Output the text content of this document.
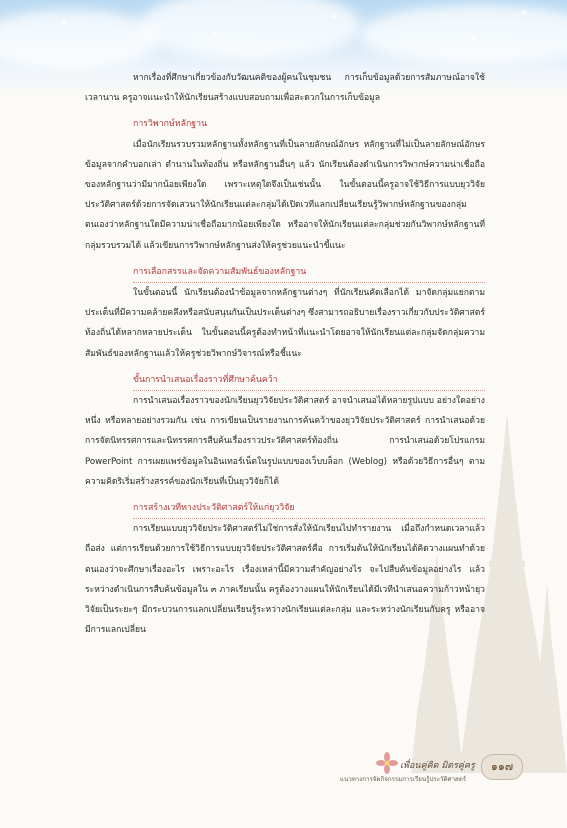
✦
✦
✦
✦
✦

หากเรื่องที่ศึกษาเกี่ยวข้องกับวัฒนคติของผู้คนในชุมชน การเก็บข้อมูลด้วยการสัมภาษณ์อาจใช้เวลานาน ครูอาจแนะนำให้นักเรียนสร้างแบบสอบถามเพื่อสะดวกในการเก็บข้อมูล

การวิพากษ์หลักฐาน

เมื่อนักเรียนรวบรวมหลักฐานทั้งหลักฐานที่เป็นลายลักษณ์อักษร หลักฐานที่ไม่เป็นลายลักษณ์อักษร ข้อมูลจากคำบอกเล่า ตำนานในท้องถิ่น หรือหลักฐานอื่นๆ แล้ว นักเรียนต้องดำเนินการวิพากษ์ความน่าเชื่อถือของหลักฐานว่ามีมากน้อยเพียงใด เพราะเหตุใดจึงเป็นเช่นนั้น ในขั้นตอนนี้ครูอาจใช้วิธีการแบบยุววิจัยประวัติศาสตร์ด้วยการจัดเสวนาให้นักเรียนแต่ละกลุ่มได้เปิดเวทีแลกเปลี่ยนเรียนรู้วิพากษ์หลักฐานของกลุ่มตนเองว่าหลักฐานใดมีความน่าเชื่อถือมากน้อยเพียงใด หรืออาจให้นักเรียนแต่ละกลุ่มช่วยกันวิพากษ์หลักฐานที่กลุ่มรวบรวมได้ แล้วเขียนการวิพากษ์หลักฐานส่งให้ครูช่วยแนะนำขี้แนะ

การเลือกสรรและจัดความสัมพันธ์ของหลักฐาน

ในขั้นตอนนี้ นักเรียนต้องนำข้อมูลจากหลักฐานต่างๆ ที่นักเรียนคัดเลือกได้ มาจัดกลุ่มแยกตามประเด็นที่มีความคล้ายคลึงหรือสนับสนุนกันเป็นประเด็นต่างๆ ซึ่งสามารถอธิบายเรื่องราวเกี่ยวกับประวัติศาสตร์ท้องถิ่นได้หลากหลายประเด็น ในขั้นตอนนี้ครูต้องทำหน้าที่แนะนำโดยอาจให้นักเรียนแต่ละกลุ่มจัดกลุ่มความสัมพันธ์ของหลักฐานแล้วให้ครูช่วยวิพากษ์วิจารณ์หรือชี้แนะ

ขั้นการนำเสนอเรื่องราวที่ศึกษาค้นคว้า

การนำเสนอเรื่องราวของนักเรียนยุววิจัยประวัติศาสตร์ อาจนำเสนอได้หลายรูปแบบ อย่างใดอย่างหนึ่ง หรือหลายอย่างรวมกัน เช่น การเขียนเป็นรายงานการค้นคว้าของยุววิจัยประวัติศาสตร์ การนำเสนอด้วยการจัดนิทรรศการและนิทรรศการสืบค้นเรื่องราวประวัติศาสตร์ท้องถิ่น การนำเสนอด้วยโปรแกรม PowerPoint การเผยแพร่ข้อมูลในอินเทอร์เน็ตในรูปแบบของเว็บบล็อก (Weblog) หรือด้วยวิธีการอื่นๆ ตามความคิดริเริ่มสร้างสรรค์ของนักเรียนที่เป็นยุววิจัยก็ได้

การสร้างเวทีทางประวัติศาสตร์ให้แก่ยุววิจัย

การเรียนแบบยุววิจัยประวัติศาสตร์ไม่ใช่การสั่งให้นักเรียนไปทำรายงาน เมื่อถึงกำหนดเวลาแล้วถือส่ง แต่การเรียนด้วยการใช้วิธีการแบบยุววิจัยประวัติศาสตร์คือ การเริ่มต้นให้นักเรียนได้คิดวางแผนทำด้วยตนเองว่าจะศึกษาเรื่องอะไร เพราะอะไร เรื่องเหล่านี้มีความสำคัญอย่างไร จะไปสืบค้นข้อมูลอย่างไร แล้วระหว่างดำเนินการสืบค้นข้อมูลใน ๓ ภาคเรียนนั้น ครูต้องวางแผนให้นักเรียนได้มีเวทีนำเสนอความก้าวหน้ายุววิจัยเป็นระยะๆ มีกระบวนการแลกเปลี่ยนเรียนรู้ระหว่างนักเรียนแต่ละกลุ่ม และระหว่างนักเรียนกับครู หรืออาจมีการแลกเปลี่ยน

เพื่อนคู่คิด มิตรคู่ครู
แนวทางการจัดกิจกรรมการเรียนรู้ประวัติศาสตร์
๑๑๗
